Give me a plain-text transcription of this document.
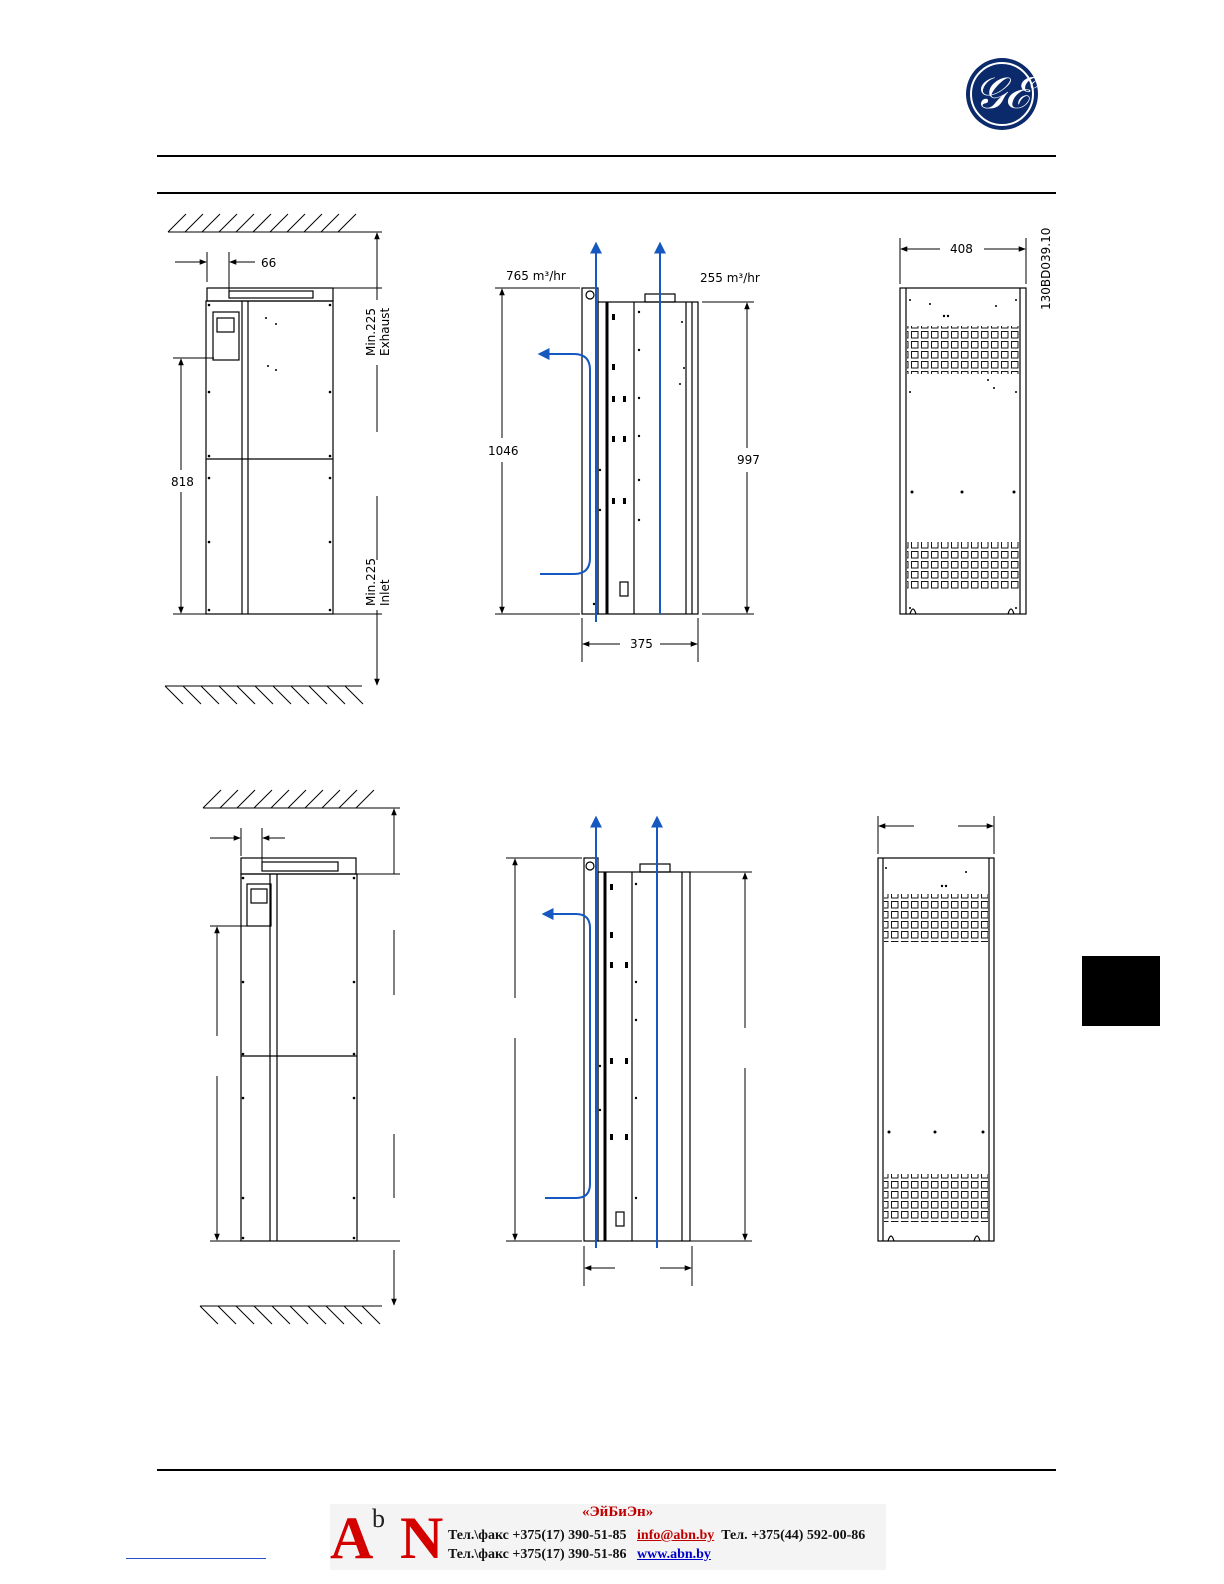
𝒢ℰ
66
818
Min.225 Exhaust
Min.225 Inlet
765 m³/hr	255 m³/hr
1046
997
375
408	130BD039.10
A
b N	«ЭйБиЭн»
Тел.\факс +375(17) 390-51-85 info@abn.by Тел. +375(44) 592-00-86
Тел.\факс +375(17) 390-51-86 www.abn.by
